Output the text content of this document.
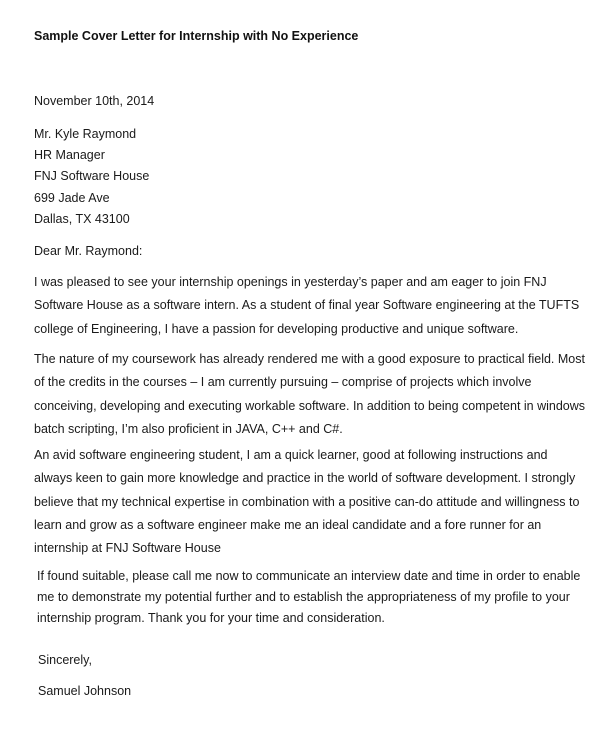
Sample Cover Letter for Internship with No Experience
November 10th, 2014
Mr. Kyle Raymond
HR Manager
FNJ Software House
699 Jade Ave
Dallas, TX 43100
Dear Mr. Raymond:
I was pleased to see your internship openings in yesterday’s paper and am eager to join FNJ
Software House as a software intern. As a student of final year Software engineering at the TUFTS
college of Engineering, I have a passion for developing productive and unique software.
The nature of my coursework has already rendered me with a good exposure to practical field. Most
of the credits in the courses – I am currently pursuing – comprise of projects which involve
conceiving, developing and executing workable software. In addition to being competent in windows
batch scripting, I’m also proficient in JAVA, C++ and C#.
An avid software engineering student, I am a quick learner, good at following instructions and
always keen to gain more knowledge and practice in the world of software development. I strongly
believe that my technical expertise in combination with a positive can-do attitude and willingness to
learn and grow as a software engineer make me an ideal candidate and a fore runner for an
internship at FNJ Software House
If found suitable, please call me now to communicate an interview date and time in order to enable
me to demonstrate my potential further and to establish the appropriateness of my profile to your
internship program. Thank you for your time and consideration.
Sincerely,
Samuel Johnson
